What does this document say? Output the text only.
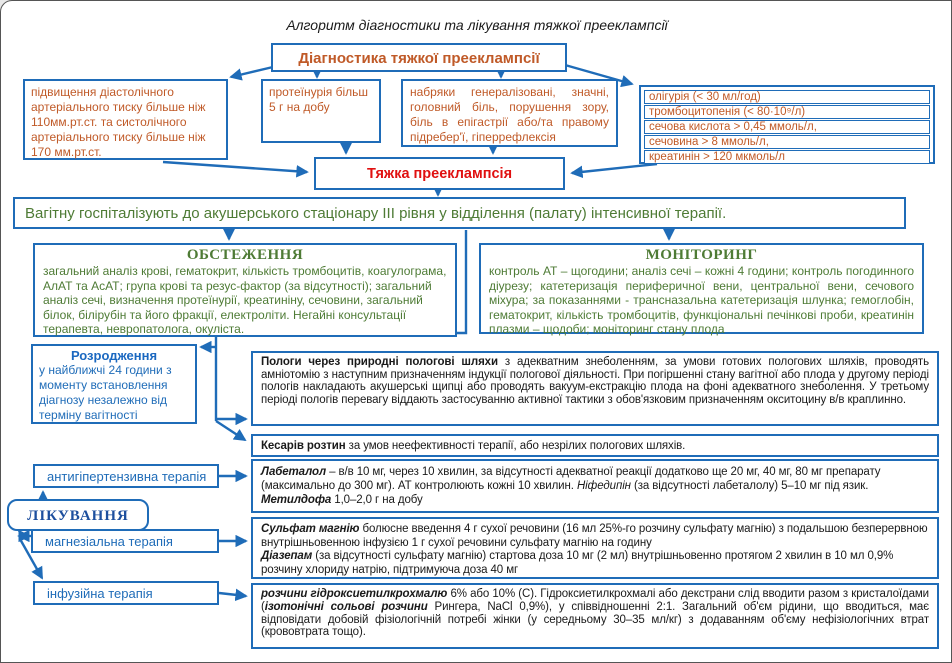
Алгоритм діагностики та лікування тяжкої прееклампсії
Діагностика тяжкої прееклампсії
підвищення діастолічного артеріального тиску більше ніж 110мм.рт.ст. та систолічного артеріального тиску більше ніж 170 мм.рт.ст.
протеїнурія більш 5 г на добу
набряки генералізовані, значні, головний біль, порушення зору, біль в епігастрії або/та правому підребер'ї, гіперрефлексія
олігурія (< 30 мл/год)
тромбоцитопенія (< 80·10⁹/л)
сечова кислота > 0,45 ммоль/л,
сечовина > 8 ммоль/л,
креатинін > 120 мкмоль/л
Тяжка прееклампсія
Вагітну госпіталізують до акушерського стаціонару ІІІ рівня у відділення (палату) інтенсивної терапії.
ОБСТЕЖЕННЯ
загальний аналіз крові, гематокрит, кількість тромбоцитів, коагулограма, АлАТ та АсАТ; група крові та резус-фактор (за відсутності); загальний аналіз сечі, визначення протеїнурії, креатиніну, сечовини, загальний білок, білірубін та його фракції, електроліти. Негайні консультації терапевта, невропатолога, окуліста.
МОНІТОРИНГ
контроль АТ – щогодини; аналіз сечі – кожні 4 години; контроль погодинного діурезу; катетеризація периферичної вени, центральної вени, сечового міхура; за показаннями - трансназальна катетеризація шлунка; гемоглобін, гематокрит, кількість тромбоцитів, функціональні печінкові проби, креатинін плазми – щодоби; моніторинг стану плода
Розродження
у найближчі 24 години з моменту встановлення діагнозу незалежно від терміну вагітності
Пологи через природні пологові шляхи з адекватним знеболенням, за умови готових пологових шляхів, проводять амніотомію з наступним призначенням індукції пологової діяльності. При погіршенні стану вагітної або плода у другому періоді пологів накладають акушерські щипці або проводять вакуум-екстракцію плода на фоні адекватного знеболення. У третьому періоді пологів перевагу віддають застосуванню активної тактики з обов'язковим призначенням окситоцину в/в краплинно.
Кесарів розтин за умов неефективності терапії, або незрілих пологових шляхів.
антигіпертензивна терапія
ЛІКУВАННЯ
магнезіальна терапія
інфузійна терапія
Лабеталол – в/в 10 мг, через 10 хвилин, за відсутності адекватної реакції додатково ще 20 мг, 40 мг, 80 мг препарату (максимально до 300 мг). АТ контролюють кожні 10 хвилин. Ніфедипін (за відсутності лабеталолу) 5–10 мг під язик.
Метилдофа 1,0–2,0 г на добу
Сульфат магнію болюсне введення 4 г сухої речовини (16 мл 25%-го розчину сульфату магнію) з подальшою безперервною внутрішньовенною інфузією 1 г сухої речовини сульфату магнію на годину
Діазепам (за відсутності сульфату магнію) стартова доза 10 мг (2 мл) внутрішньовенно протягом 2 хвилин в 10 мл 0,9% розчину хлориду натрію, підтримуюча доза 40 мг
розчини гідроксиетилкрохмалю 6% або 10% (С). Гідроксиетилкрохмалі або декстрани слід вводити разом з кристалоїдами (ізотонічні сольові розчини Рингера, NaCl 0,9%), у співвідношенні 2:1. Загальний об'єм рідини, що вводиться, має відповідати добовій фізіологічній потребі жінки (у середньому 30–35 мл/кг) з додаванням об'єму нефізіологічних втрат (крововтрата тощо).
